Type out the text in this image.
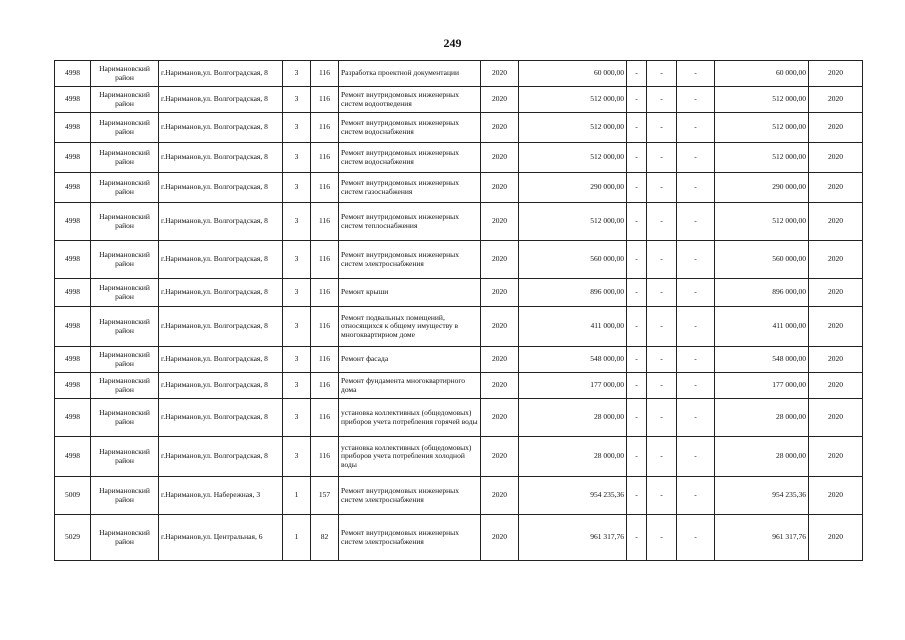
249
4998	Наримановский район	г.Нариманов,ул. Волгоградская, 8	3	116	Разработка проектной документации	2020	60 000,00	-	-	-	60 000,00	2020
4998	Наримановский район	г.Нариманов,ул. Волгоградская, 8	3	116	Ремонт внутридомовых инженерных систем водоотведения	2020	512 000,00	-	-	-	512 000,00	2020
4998	Наримановский район	г.Нариманов,ул. Волгоградская, 8	3	116	Ремонт внутридомовых инженерных систем водоснабжения	2020	512 000,00	-	-	-	512 000,00	2020
4998	Наримановский район	г.Нариманов,ул. Волгоградская, 8	3	116	Ремонт внутридомовых инженерных систем водоснабжения	2020	512 000,00	-	-	-	512 000,00	2020
4998	Наримановский район	г.Нариманов,ул. Волгоградская, 8	3	116	Ремонт внутридомовых инженерных систем газоснабжения	2020	290 000,00	-	-	-	290 000,00	2020
4998	Наримановский район	г.Нариманов,ул. Волгоградская, 8	3	116	Ремонт внутридомовых инженерных систем теплоснабжения	2020	512 000,00	-	-	-	512 000,00	2020
4998	Наримановский район	г.Нариманов,ул. Волгоградская, 8	3	116	Ремонт внутридомовых инженерных систем электроснабжения	2020	560 000,00	-	-	-	560 000,00	2020
4998	Наримановский район	г.Нариманов,ул. Волгоградская, 8	3	116	Ремонт крыши	2020	896 000,00	-	-	-	896 000,00	2020
4998	Наримановский район	г.Нариманов,ул. Волгоградская, 8	3	116	Ремонт подвальных помещений, относящихся к общему имуществу в многоквартирном доме	2020	411 000,00	-	-	-	411 000,00	2020
4998	Наримановский район	г.Нариманов,ул. Волгоградская, 8	3	116	Ремонт фасада	2020	548 000,00	-	-	-	548 000,00	2020
4998	Наримановский район	г.Нариманов,ул. Волгоградская, 8	3	116	Ремонт фундамента многоквартирного дома	2020	177 000,00	-	-	-	177 000,00	2020
4998	Наримановский район	г.Нариманов,ул. Волгоградская, 8	3	116	установка коллективных (общедомовых) приборов учета потребления горячей воды	2020	28 000,00	-	-	-	28 000,00	2020
4998	Наримановский район	г.Нариманов,ул. Волгоградская, 8	3	116	установка коллективных (общедомовых) приборов учета потребления холодной воды	2020	28 000,00	-	-	-	28 000,00	2020
5009	Наримановский район	г.Нариманов,ул. Набережная, 3	1	157	Ремонт внутридомовых инженерных систем электроснабжения	2020	954 235,36	-	-	-	954 235,36	2020
5029	Наримановский район	г.Нариманов,ул. Центральная, 6	1	82	Ремонт внутридомовых инженерных систем электроснабжения	2020	961 317,76	-	-	-	961 317,76	2020
